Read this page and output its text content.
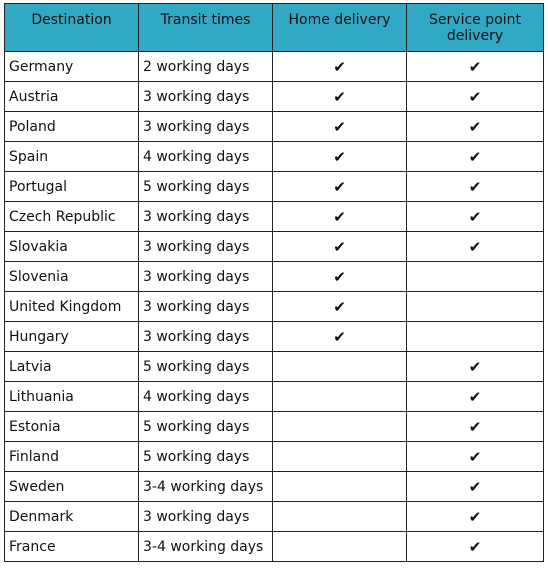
Destination	Transit times	Home delivery	Service point delivery
Germany	2 working days	✔	✔
Austria	3 working days	✔	✔
Poland	3 working days	✔	✔
Spain	4 working days	✔	✔
Portugal	5 working days	✔	✔
Czech Republic	3 working days	✔	✔
Slovakia	3 working days	✔	✔
Slovenia	3 working days	✔	
United Kingdom	3 working days	✔	
Hungary	3 working days	✔	
Latvia	5 working days		✔
Lithuania	4 working days		✔
Estonia	5 working days		✔
Finland	5 working days		✔
Sweden	3-4 working days		✔
Denmark	3 working days		✔
France	3-4 working days		✔
